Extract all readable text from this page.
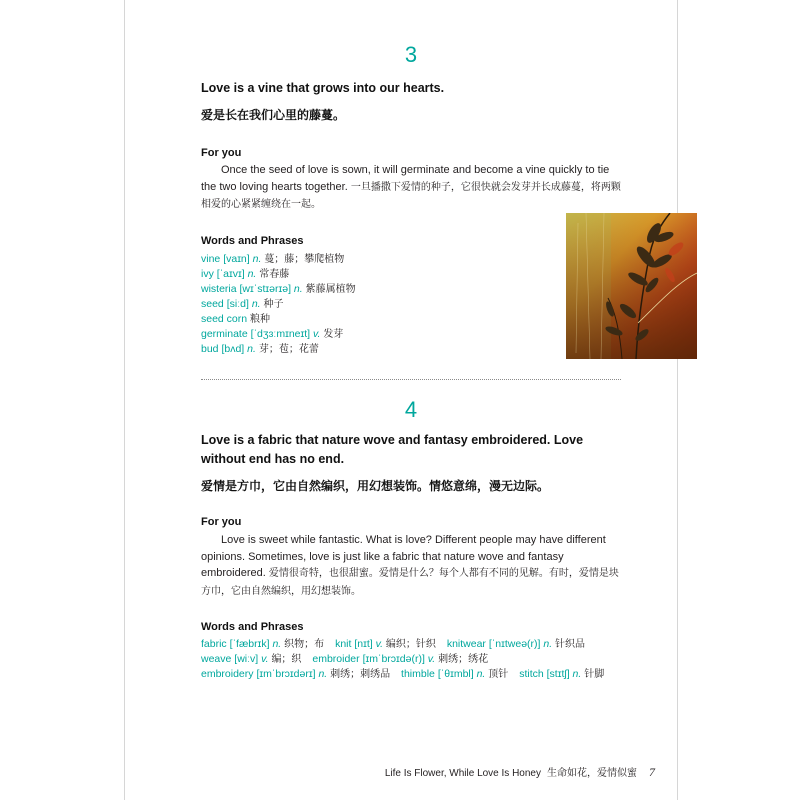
3
Love is a vine that grows into our hearts.
爱是长在我们心里的藤蔓。
For you
Once the seed of love is sown, it will germinate and become a vine quickly to tie the two loving hearts together. 一旦播撒下爱情的种子，它很快就会发芽并长成藤蔓，将两颗相爱的心紧紧缠绕在一起。
Words and Phrases
vine [vaɪn] n. 蔓；藤；攀爬植物
ivy [ˈaɪvɪ] n. 常春藤
wisteria [wɪˈstɪərɪə] n. 紫藤属植物
seed [siːd] n. 种子
seed corn 粮种
germinate [ˈdʒɜːmɪneɪt] v. 发芽
bud [bʌd] n. 芽；苞；花蕾
4
Love is a fabric that nature wove and fantasy embroidered. Love without end has no end.
爱情是方巾，它由自然编织，用幻想装饰。情悠意绵，漫无边际。
For you
Love is sweet while fantastic. What is love? Different people may have different opinions. Sometimes, love is just like a fabric that nature wove and fantasy embroidered. 爱情很奇特，也很甜蜜。爱情是什么？每个人都有不同的见解。有时，爱情是块方巾，它由自然编织，用幻想装饰。
Words and Phrases
fabric [ˈfæbrɪk] n. 织物；布 knit [nɪt] v. 编织；针织 knitwear [ˈnɪtweə(r)] n. 针织品
weave [wiːv] v. 编；织 embroider [ɪmˈbrɔɪdə(r)] v. 刺绣；绣花
embroidery [ɪmˈbrɔɪdərɪ] n. 刺绣；刺绣品 thimble [ˈθɪmbl] n. 顶针 stitch [stɪtʃ] n. 针脚
Life Is Flower, While Love Is Honey 生命如花，爱情似蜜 7
